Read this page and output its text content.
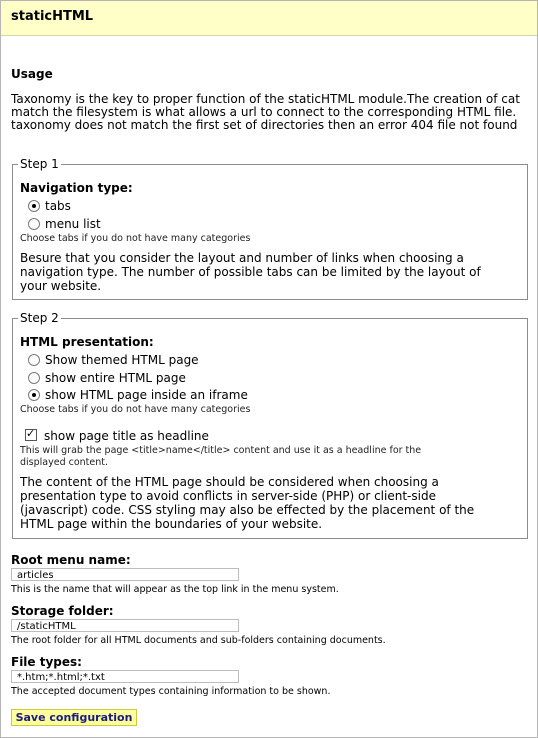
staticHTML
Usage
Taxonomy is the key to proper function of the staticHTML module.The creation of cat
match the filesystem is what allows a url to connect to the corresponding HTML file.
taxonomy does not match the first set of directories then an error 404 file not found
Step 1
Navigation type:
tabs
menu list
Choose tabs if you do not have many categories
Besure that you consider the layout and number of links when choosing a
navigation type. The number of possible tabs can be limited by the layout of
your website.
Step 2
HTML presentation:
Show themed HTML page
show entire HTML page
show HTML page inside an iframe
Choose tabs if you do not have many categories
✓ show page title as headline
This will grab the page <title>name</title> content and use it as a headline for the
displayed content.
The content of the HTML page should be considered when choosing a
presentation type to avoid conflicts in server-side (PHP) or client-side
(javascript) code. CSS styling may also be effected by the placement of the
HTML page within the boundaries of your website.
Root menu name:
articles
This is the name that will appear as the top link in the menu system.
Storage folder:
/staticHTML
The root folder for all HTML documents and sub-folders containing documents.
File types:
*.htm;*.html;*.txt
The accepted document types containing information to be shown.
Save configuration
